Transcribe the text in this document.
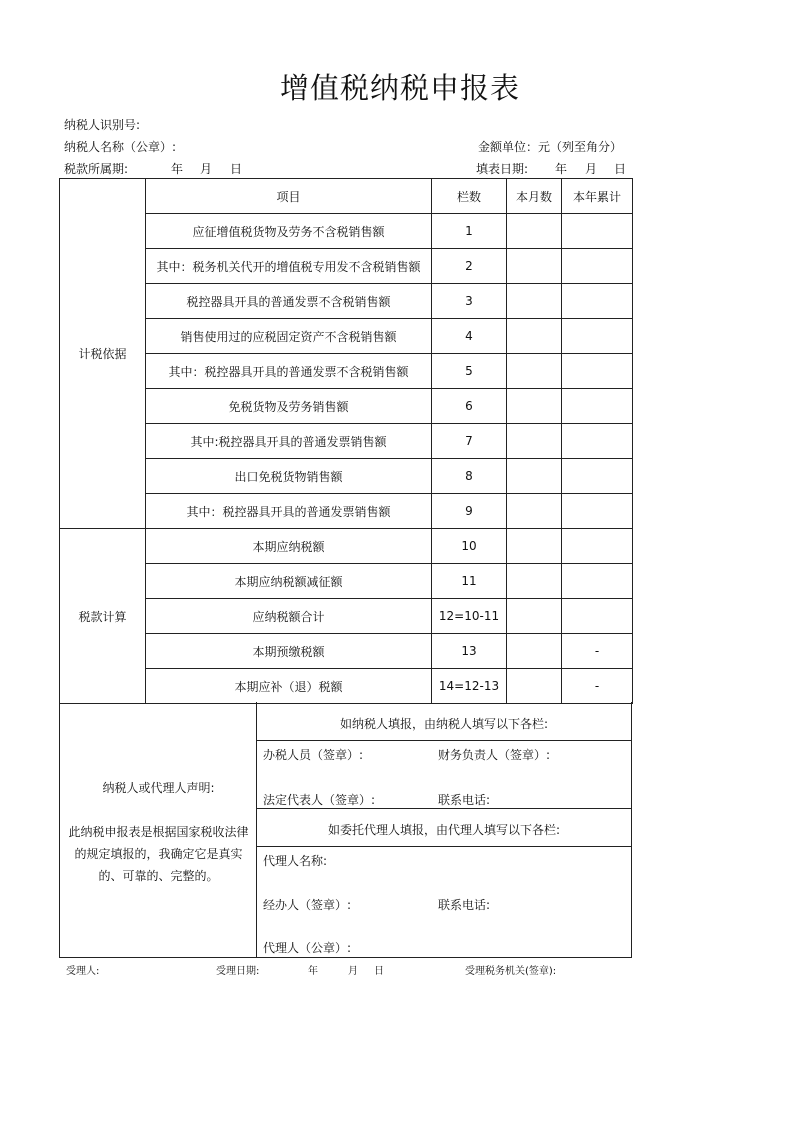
增值税纳税申报表
纳税人识别号:
纳税人名称（公章）:	金额单位：元（列至角分）
税款所属期:	年 月 日	填表日期: 年 月 日
计税依据	项目	栏数	本月数	本年累计
	应征增值税货物及劳务不含税销售额	1		
	其中：税务机关代开的增值税专用发不含税销售额	2		
	税控器具开具的普通发票不含税销售额	3		
	销售使用过的应税固定资产不含税销售额	4		
	其中：税控器具开具的普通发票不含税销售额	5		
	免税货物及劳务销售额	6		
	其中:税控器具开具的普通发票销售额	7		
	出口免税货物销售额	8		
	其中：税控器具开具的普通发票销售额	9		
税款计算	本期应纳税额	10		
	本期应纳税额减征额	11		
	应纳税额合计	12=10-11		
	本期预缴税额	13		-
	本期应补（退）税额	14=12-13		-
纳税人或代理人声明:
此纳税申报表是根据国家税收法律的规定填报的，我确定它是真实的、可靠的、完整的。
如纳税人填报，由纳税人填写以下各栏:
办税人员（签章）:	财务负责人（签章）:
法定代表人（签章）:	联系电话:
如委托代理人填报，由代理人填写以下各栏:
代理人名称:
经办人（签章）:	联系电话:
代理人（公章）:
受理人:	受理日期:	年	月 日	受理税务机关(签章):
